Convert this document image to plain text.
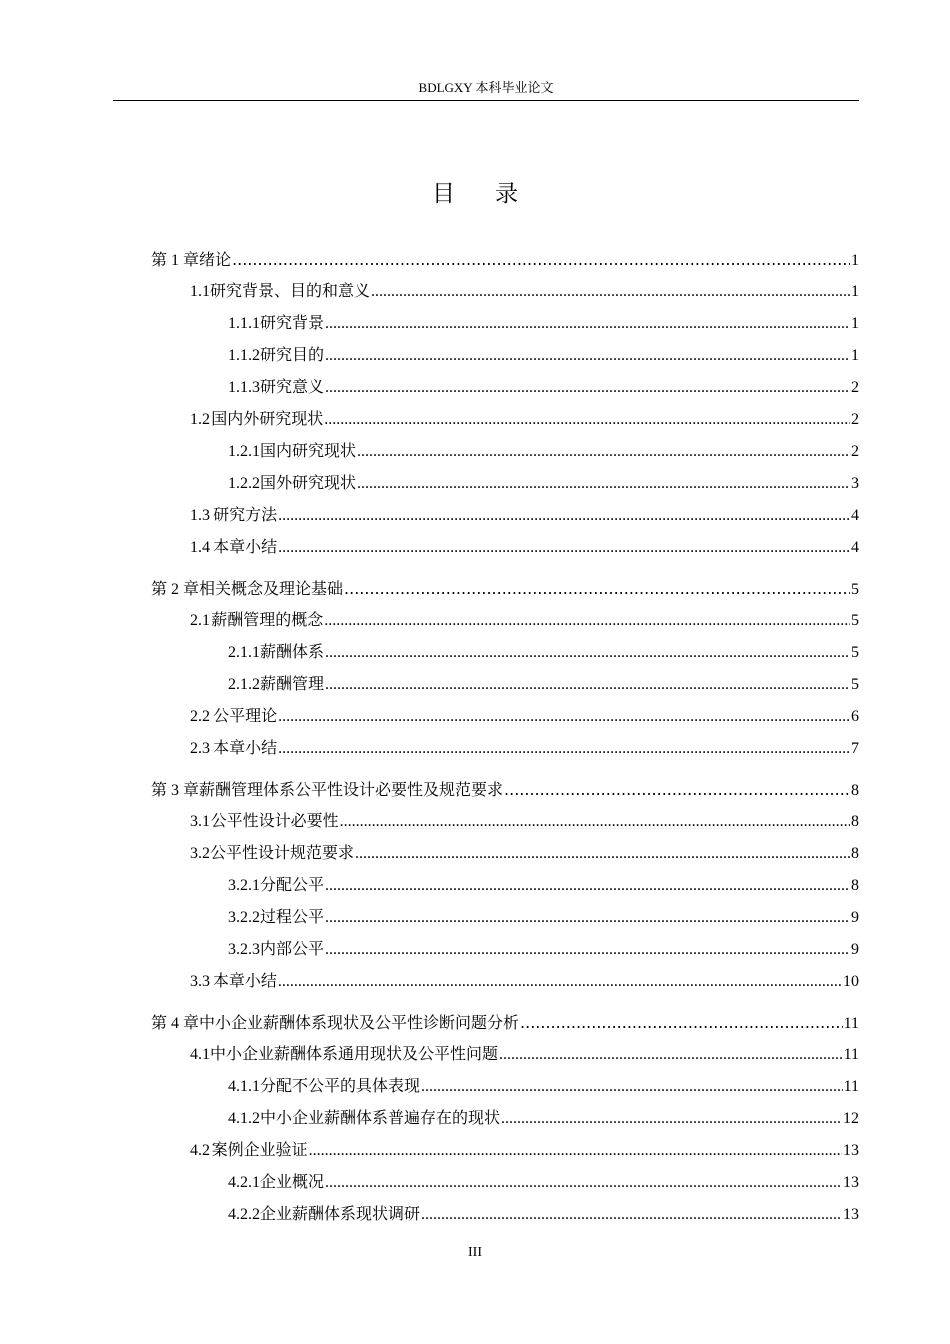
BDLGXY 本科毕业论文
目录
第 1 章 绪论 .....	1
1.1 研究背景、目的和意义 .....	1
1.1.1 研究背景 .....	1
1.1.2 研究目的 .....	1
1.1.3 研究意义 .....	2
1.2 国内外研究现状 .....	2
1.2.1 国内研究现状 .....	2
1.2.2 国外研究现状 .....	3
1.3 研究方法 .....	4
1.4 本章小结 .....	4
第 2 章 相关概念及理论基础 .....	5
2.1 薪酬管理的概念 .....	5
2.1.1 薪酬体系 .....	5
2.1.2 薪酬管理 .....	5
2.2 公平理论 .....	6
2.3 本章小结 .....	7
第 3 章 薪酬管理体系公平性设计必要性及规范要求 .....	8
3.1 公平性设计必要性 .....	8
3.2 公平性设计规范要求 .....	8
3.2.1 分配公平 .....	8
3.2.2 过程公平 .....	9
3.2.3 内部公平 .....	9
3.3 本章小结 .....	10
第 4 章 中小企业薪酬体系现状及公平性诊断问题分析 .....	11
4.1 中小企业薪酬体系通用现状及公平性问题 .....	11
4.1.1 分配不公平的具体表现 .....	11
4.1.2 中小企业薪酬体系普遍存在的现状 .....	12
4.2 案例企业验证 .....	13
4.2.1 企业概况 .....	13
4.2.2 企业薪酬体系现状调研 .....	13
III
